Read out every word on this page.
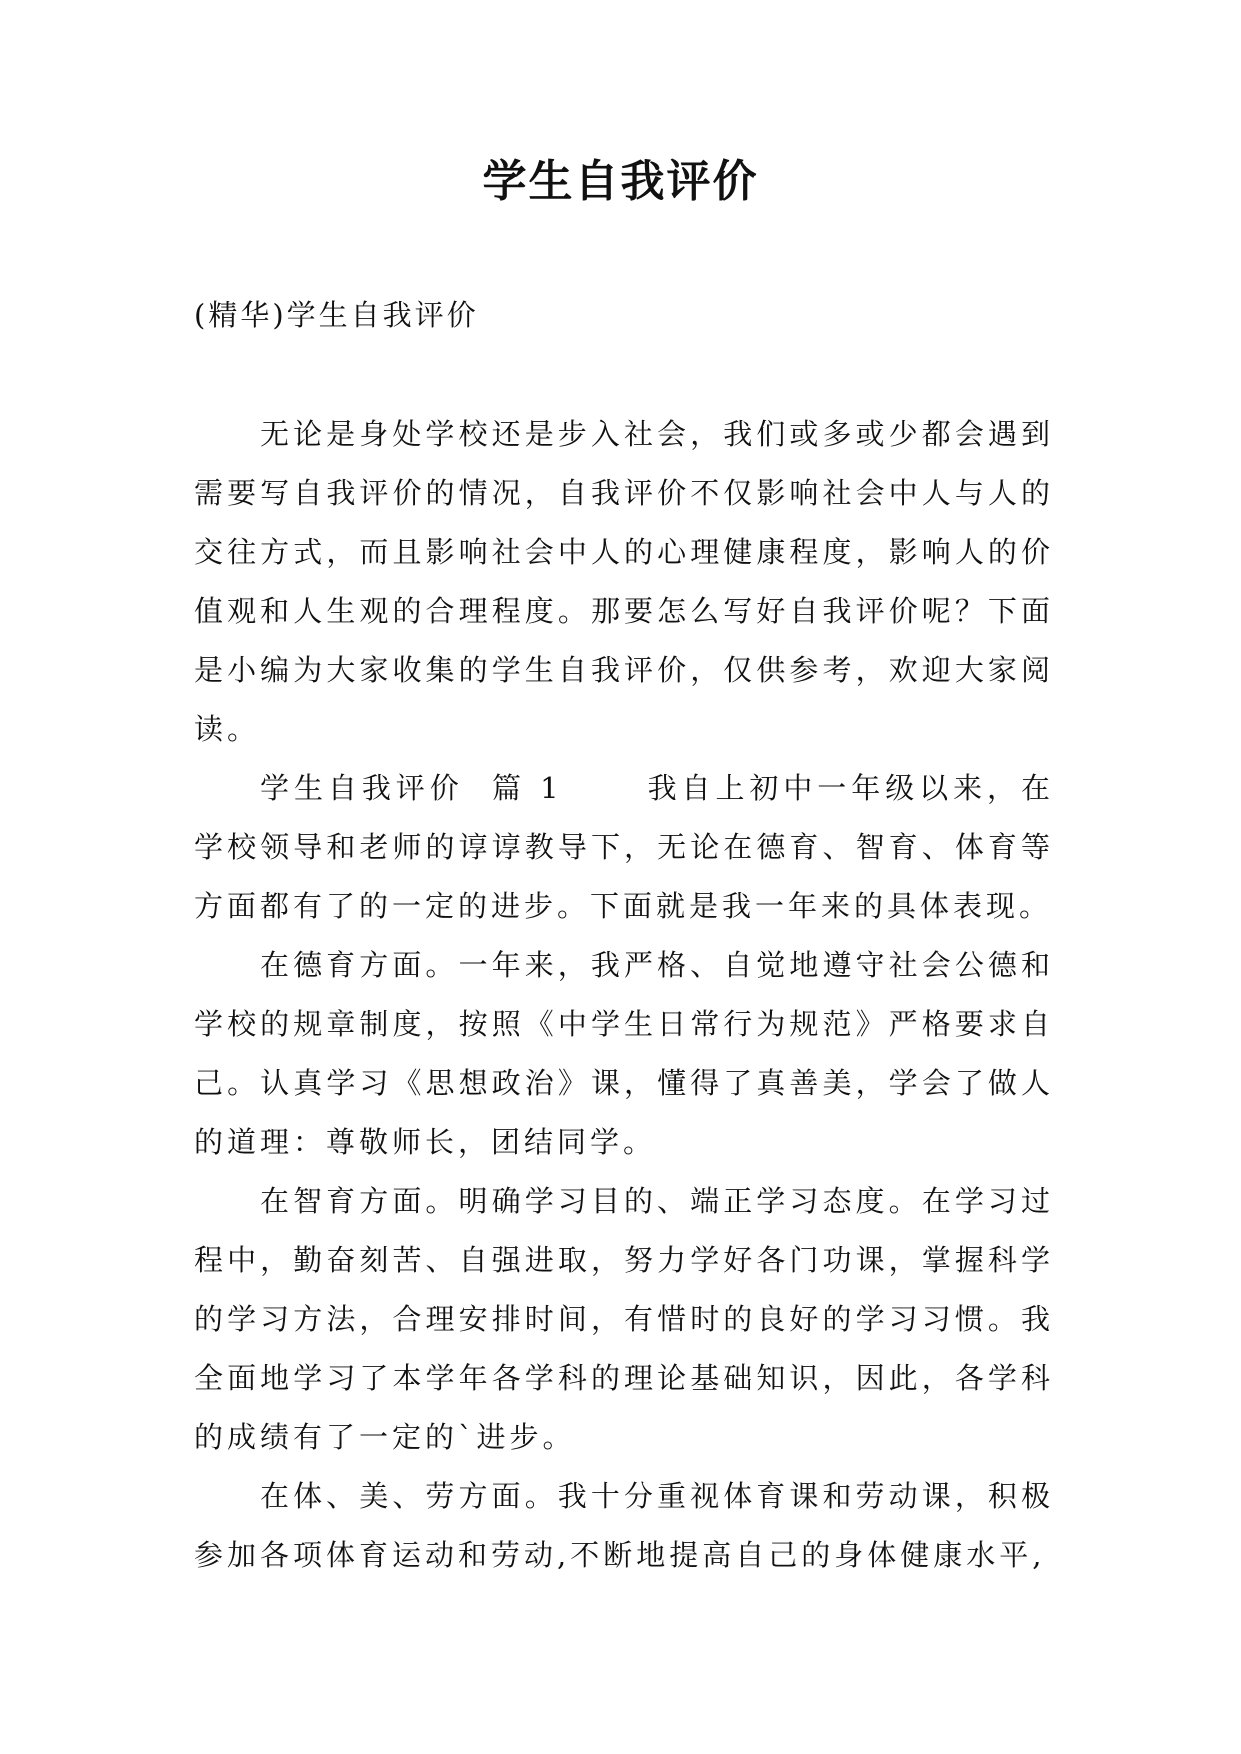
学生自我评价

(精华)学生自我评价

无论是身处学校还是步入社会，我们或多或少都会遇到需要写自我评价的情况，自我评价不仅影响社会中人与人的交往方式，而且影响社会中人的心理健康程度，影响人的价值观和人生观的合理程度。那要怎么写好自我评价呢？下面是小编为大家收集的学生自我评价，仅供参考，欢迎大家阅读。

学生自我评价  篇 1      我自上初中一年级以来，在学校领导和老师的谆谆教导下，无论在德育、智育、体育等方面都有了的一定的进步。下面就是我一年来的具体表现。

在德育方面。一年来，我严格、自觉地遵守社会公德和学校的规章制度，按照《中学生日常行为规范》严格要求自己。认真学习《思想政治》课，懂得了真善美，学会了做人的道理：尊敬师长，团结同学。

在智育方面。明确学习目的、端正学习态度。在学习过程中，勤奋刻苦、自强进取，努力学好各门功课，掌握科学的学习方法，合理安排时间，有惜时的良好的学习习惯。我全面地学习了本学年各学科的理论基础知识，因此，各学科的成绩有了一定的`进步。

在体、美、劳方面。我十分重视体育课和劳动课，积极参加各项体育运动和劳动,不断地提高自己的身体健康水平,
